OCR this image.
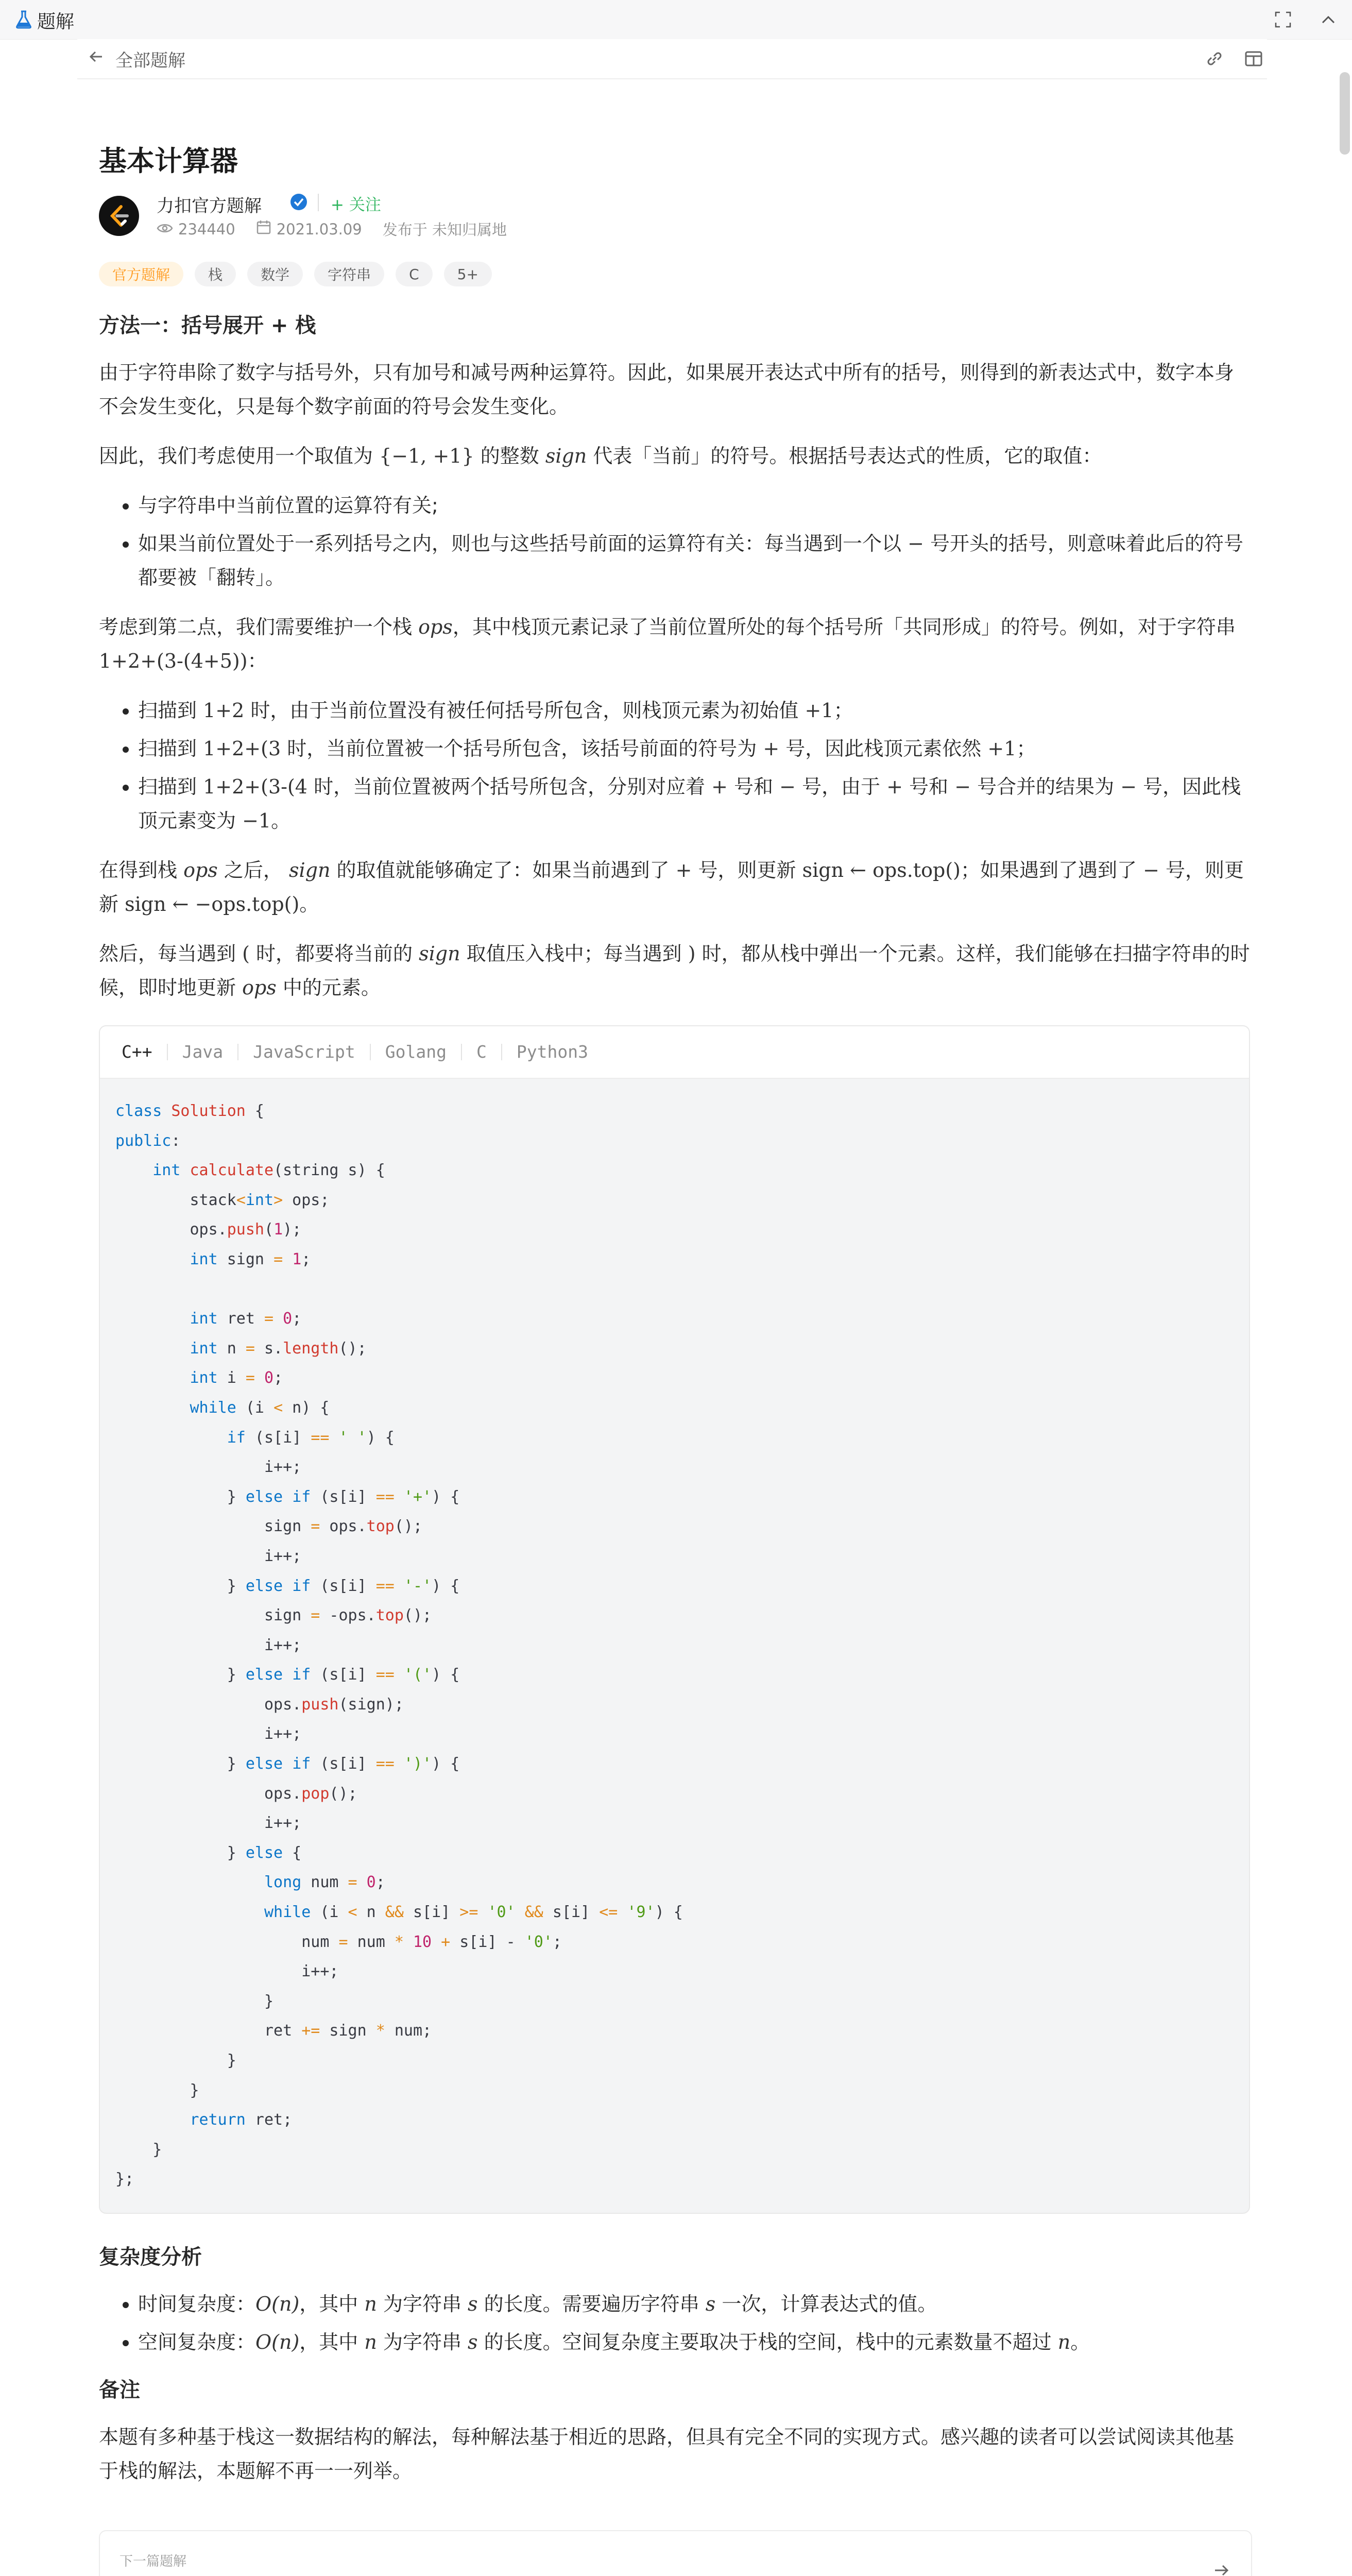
题解
全部题解
基本计算器
力扣官方题解	+ 关注
234440	2021.03.09 发布于 未知归属地
官方题解	栈	数学	字符串	C	5+
方法一：括号展开 + 栈

由于字符串除了数字与括号外，只有加号和减号两种运算符。因此，如果展开表达式中所有的括号，则得到的新表达式中，数字本身不会发生变化，只是每个数字前面的符号会发生变化。

因此，我们考虑使用一个取值为 {−1, +1} 的整数 sign 代表「当前」的符号。根据括号表达式的性质，它的取值：

• 与字符串中当前位置的运算符有关;
• 如果当前位置处于一系列括号之内，则也与这些括号前面的运算符有关：每当遇到一个以 − 号开头的括号，则意味着此后的符号都要被「翻转」。

考虑到第二点，我们需要维护一个栈 ops，其中栈顶元素记录了当前位置所处的每个括号所「共同形成」的符号。例如，对于字符串 1+2+(3-(4+5))：

• 扫描到 1+2 时，由于当前位置没有被任何括号所包含，则栈顶元素为初始值 +1；
• 扫描到 1+2+(3 时，当前位置被一个括号所包含，该括号前面的符号为 + 号，因此栈顶元素依然 +1；
• 扫描到 1+2+(3-(4 时，当前位置被两个括号所包含，分别对应着 + 号和 − 号，由于 + 号和 − 号合并的结果为 − 号，因此栈顶元素变为 −1。

在得到栈 ops 之后， sign 的取值就能够确定了：如果当前遇到了 + 号，则更新 sign ← ops.top()；如果遇到了遇到了 − 号，则更新 sign ← −ops.top()。

然后，每当遇到 ( 时，都要将当前的 sign 取值压入栈中；每当遇到 ) 时，都从栈中弹出一个元素。这样，我们能够在扫描字符串的时候，即时地更新 ops 中的元素。

C++	Java	JavaScript	Golang	C	Python3
class Solution {
public:
int calculate(string s) {
stack<int> ops;
ops.push(1);
int sign = 1;

int ret = 0;
int n = s.length();
int i = 0;
while (i < n) {
if (s[i] == ' ') {
i++;
} else if (s[i] == '+') {
sign = ops.top();
i++;
} else if (s[i] == '-') {
sign = -ops.top();
i++;
} else if (s[i] == '(') {
ops.push(sign);
i++;
} else if (s[i] == ')') {
ops.pop();
i++;
} else {
long num = 0;
while (i < n && s[i] >= '0' && s[i] <= '9') {
num = num * 10 + s[i] - '0';
i++;
}
ret += sign * num;
}
}
return ret;
}
};
复杂度分析
• 时间复杂度：O(n)，其中 n 为字符串 s 的长度。需要遍历字符串 s 一次，计算表达式的值。
• 空间复杂度：O(n)，其中 n 为字符串 s 的长度。空间复杂度主要取决于栈的空间，栈中的元素数量不超过 n。
备注

本题有多种基于栈这一数据结构的解法，每种解法基于相近的思路，但具有完全不同的实现方式。感兴趣的读者可以尝试阅读其他基于栈的解法，本题解不再一一列举。

下一篇题解
